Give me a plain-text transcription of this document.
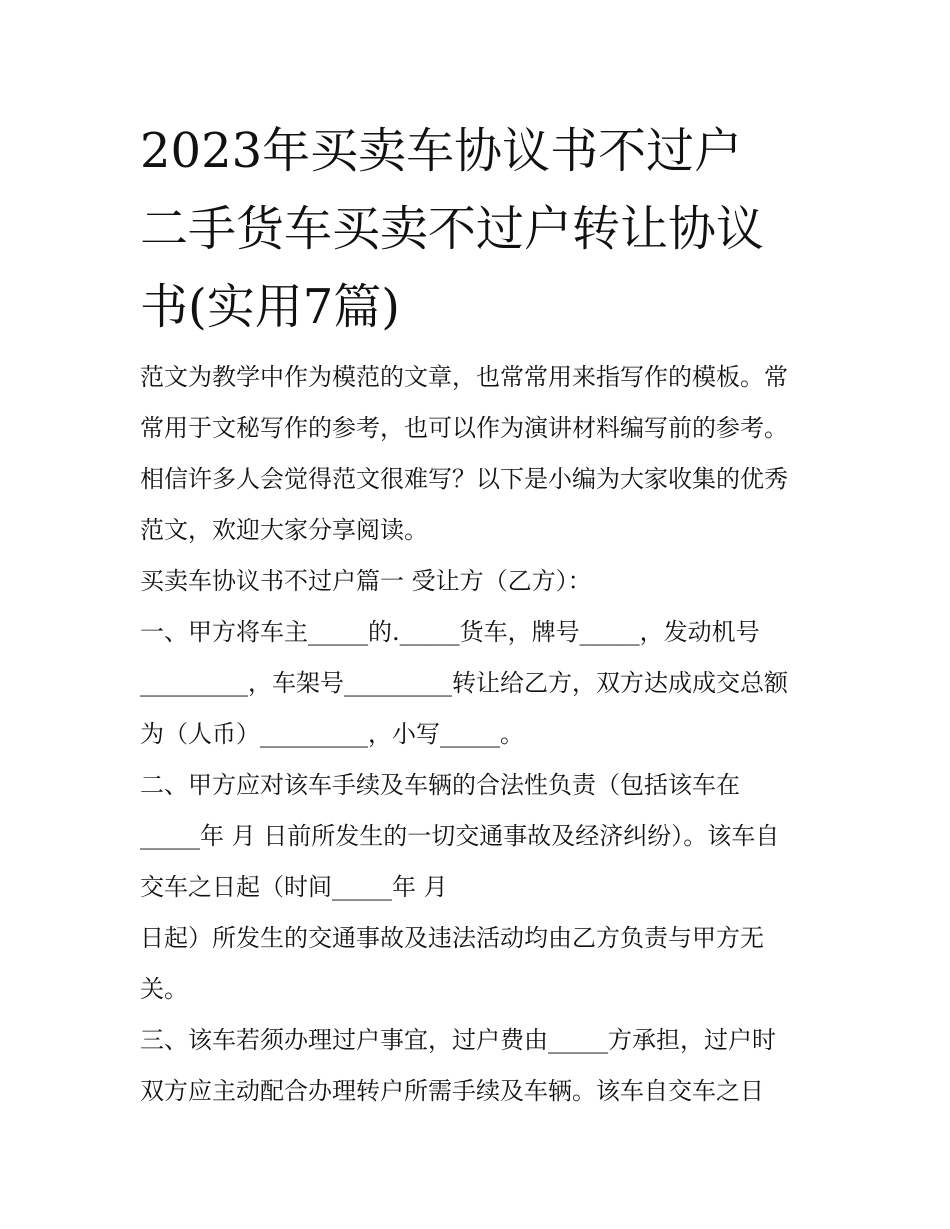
2023年买卖车协议书不过户
二手货车买卖不过户转让协议
书(实用7篇)
范文为教学中作为模范的文章，也常常用来指写作的模板。常
常用于文秘写作的参考，也可以作为演讲材料编写前的参考。
相信许多人会觉得范文很难写？以下是小编为大家收集的优秀
范文，欢迎大家分享阅读。
买卖车协议书不过户篇一 受让方（乙方）：
一、甲方将车主_____的._____货车，牌号_____，发动机号
_________，车架号_________转让给乙方，双方达成成交总额
为（人币）_________，小写_____。
二、甲方应对该车手续及车辆的合法性负责（包括该车在
_____年 月 日前所发生的一切交通事故及经济纠纷）。该车自
交车之日起（时间_____年 月
日起）所发生的交通事故及违法活动均由乙方负责与甲方无
关。
三、该车若须办理过户事宜，过户费由_____方承担，过户时
双方应主动配合办理转户所需手续及车辆。该车自交车之日
